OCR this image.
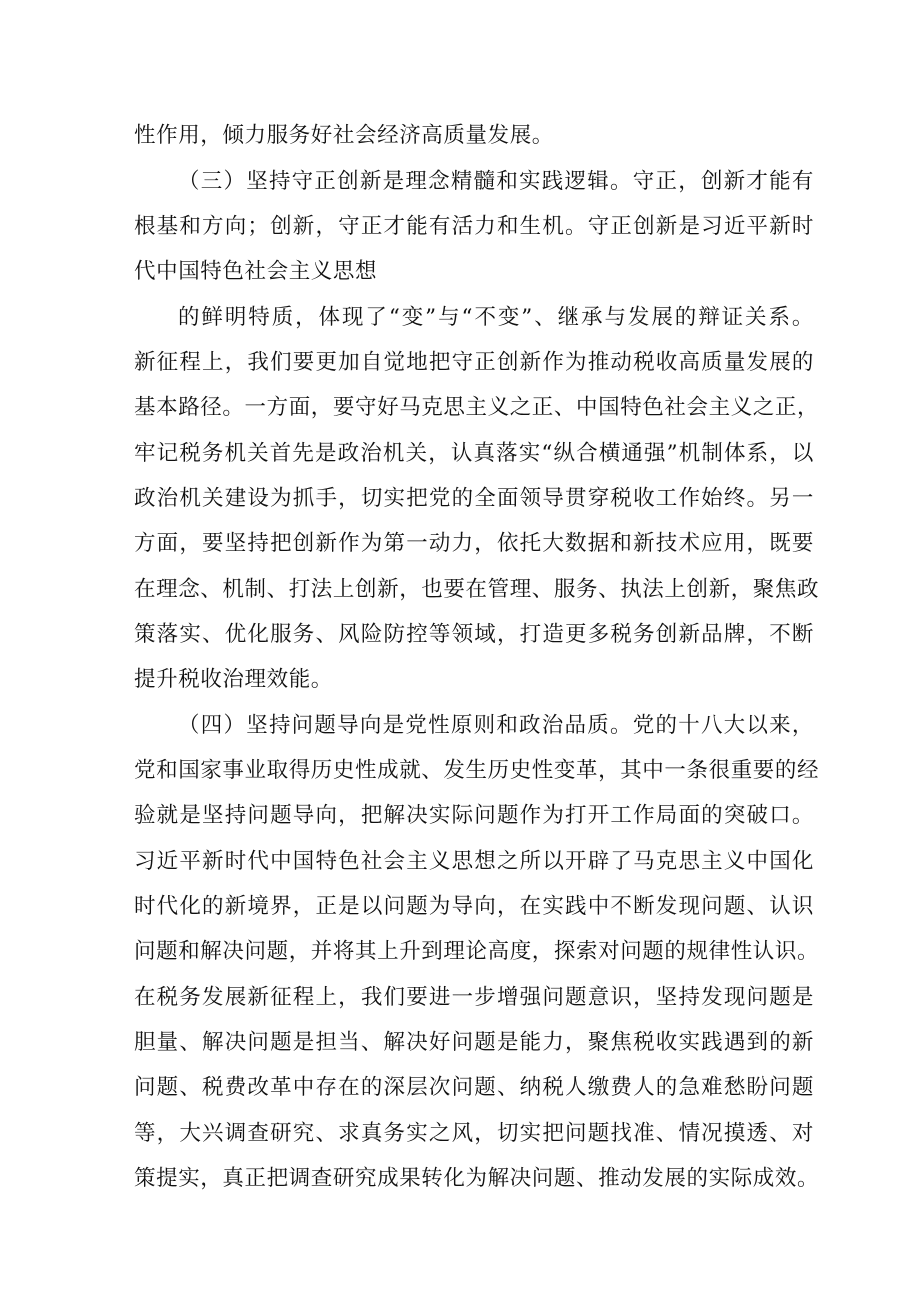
性作用，倾力服务好社会经济高质量发展。
（三）坚持守正创新是理念精髓和实践逻辑。守正，创新才能有
根基和方向；创新，守正才能有活力和生机。守正创新是习近平新时
代中国特色社会主义思想
的鲜明特质，体现了“变”与“不变”、继承与发展的辩证关系。
新征程上，我们要更加自觉地把守正创新作为推动税收高质量发展的
基本路径。一方面，要守好马克思主义之正、中国特色社会主义之正，
牢记税务机关首先是政治机关，认真落实“纵合横通强”机制体系，以
政治机关建设为抓手，切实把党的全面领导贯穿税收工作始终。另一
方面，要坚持把创新作为第一动力，依托大数据和新技术应用，既要
在理念、机制、打法上创新，也要在管理、服务、执法上创新，聚焦政
策落实、优化服务、风险防控等领域，打造更多税务创新品牌，不断
提升税收治理效能。
（四）坚持问题导向是党性原则和政治品质。党的十八大以来，
党和国家事业取得历史性成就、发生历史性变革，其中一条很重要的经
验就是坚持问题导向，把解决实际问题作为打开工作局面的突破口。
习近平新时代中国特色社会主义思想之所以开辟了马克思主义中国化
时代化的新境界，正是以问题为导向，在实践中不断发现问题、认识
问题和解决问题，并将其上升到理论高度，探索对问题的规律性认识。
在税务发展新征程上，我们要进一步增强问题意识，坚持发现问题是
胆量、解决问题是担当、解决好问题是能力，聚焦税收实践遇到的新
问题、税费改革中存在的深层次问题、纳税人缴费人的急难愁盼问题
等，大兴调查研究、求真务实之风，切实把问题找准、情况摸透、对
策提实，真正把调查研究成果转化为解决问题、推动发展的实际成效。
